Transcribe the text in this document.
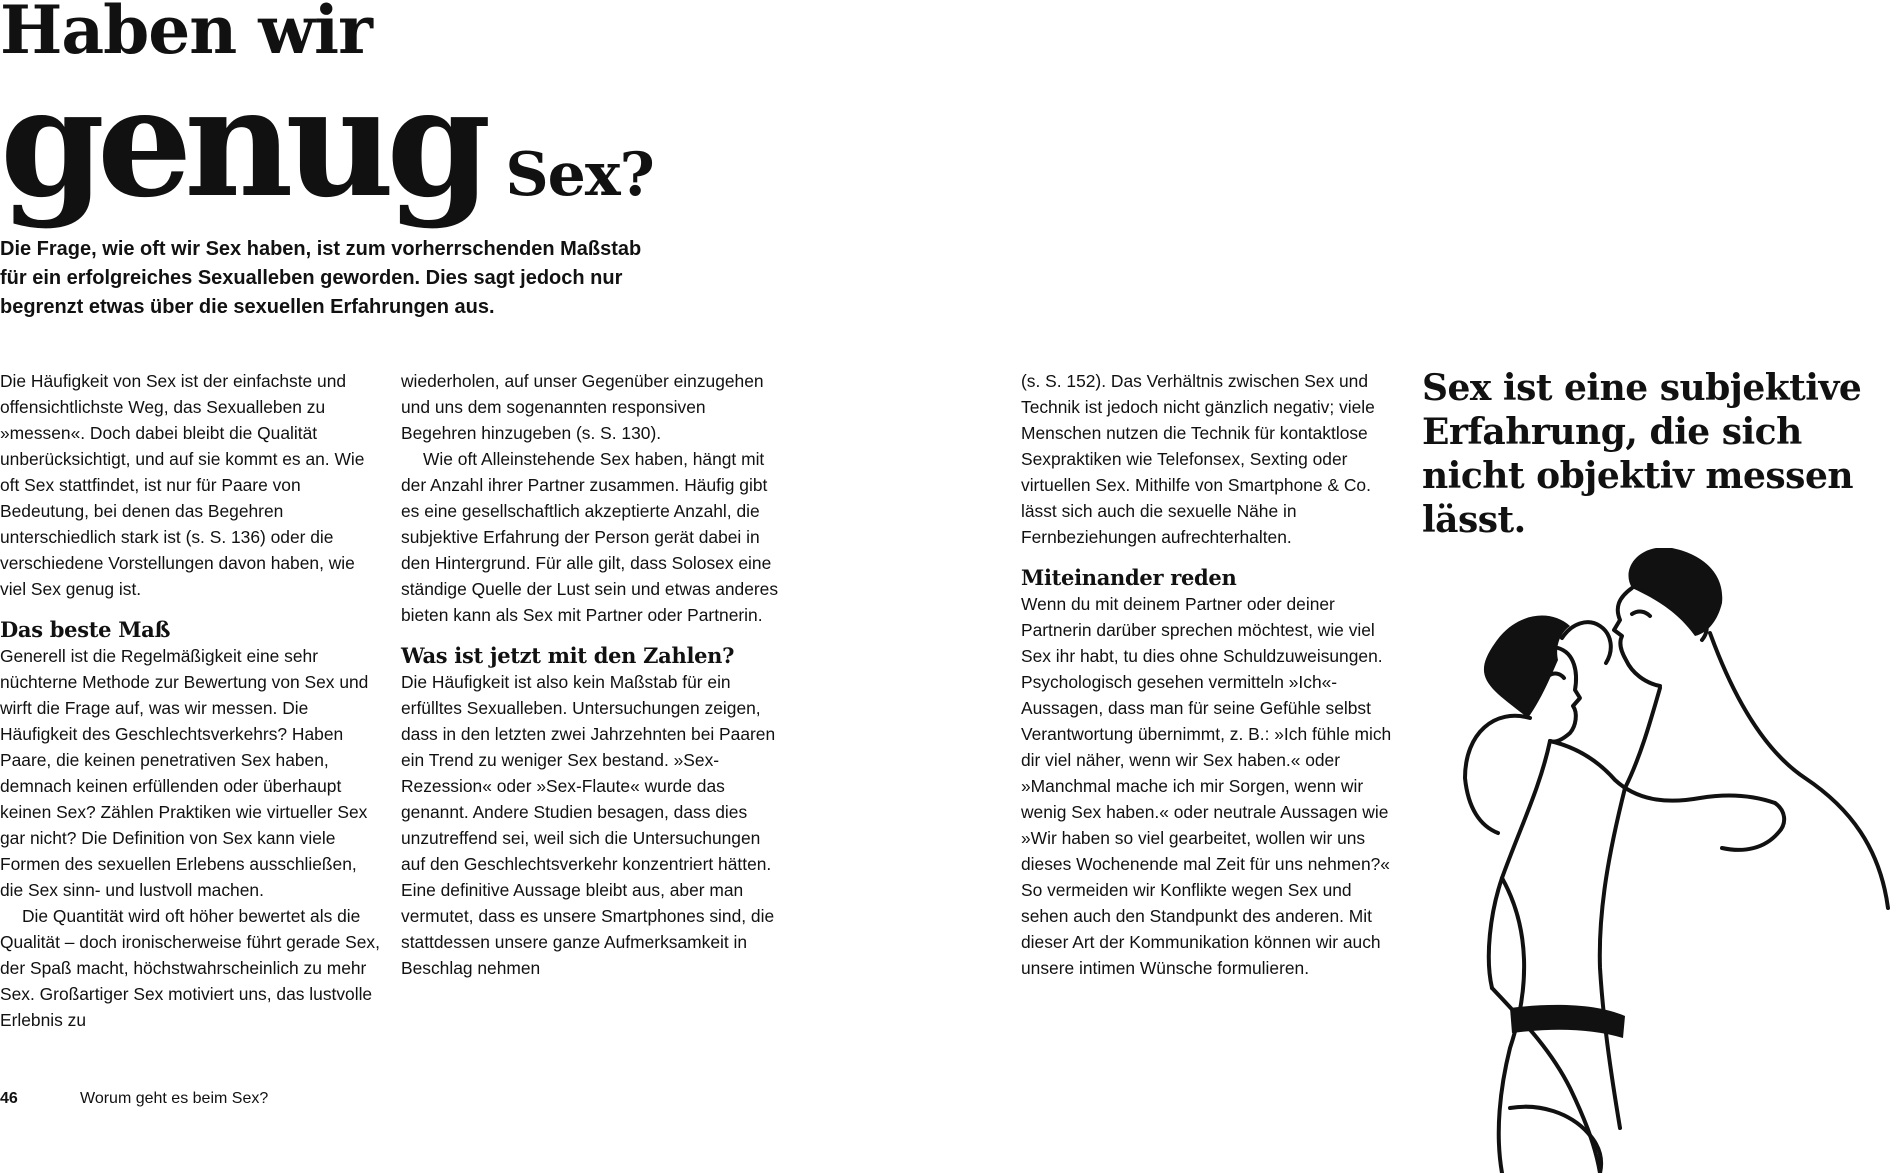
Haben wir
genug Sex?

Die Frage, wie oft wir Sex haben, ist zum vorherrschenden Maßstab für ein erfolgreiches Sexualleben geworden. Dies sagt jedoch nur begrenzt etwas über die sexuellen Erfahrungen aus.

Die Häufigkeit von Sex ist der einfachste und offensichtlichste Weg, das Sexualleben zu »messen«. Doch dabei bleibt die Qualität unberücksichtigt, und auf sie kommt es an. Wie oft Sex stattfindet, ist nur für Paare von Bedeutung, bei denen das Begehren unterschiedlich stark ist (s. S. 136) oder die verschiedene Vorstellungen davon haben, wie viel Sex genug ist.

Das beste Maß

Generell ist die Regelmäßigkeit eine sehr nüchterne Methode zur Bewertung von Sex und wirft die Frage auf, was wir messen. Die Häufigkeit des Geschlechtsverkehrs? Haben Paare, die keinen penetrativen Sex haben, demnach keinen erfüllenden oder überhaupt keinen Sex? Zählen Praktiken wie virtueller Sex gar nicht? Die Definition von Sex kann viele Formen des sexuellen Erlebens ausschließen, die Sex sinn- und lustvoll machen.

Die Quantität wird oft höher bewertet als die Qualität – doch ironischerweise führt gerade Sex, der Spaß macht, höchstwahrscheinlich zu mehr Sex. Großartiger Sex motiviert uns, das lustvolle Erlebnis zu

wiederholen, auf unser Gegenüber einzugehen und uns dem sogenannten responsiven Begehren hinzugeben (s. S. 130).

Wie oft Alleinstehende Sex haben, hängt mit der Anzahl ihrer Partner zusammen. Häufig gibt es eine gesellschaftlich akzeptierte Anzahl, die subjektive Erfahrung der Person gerät dabei in den Hintergrund. Für alle gilt, dass Solosex eine ständige Quelle der Lust sein und etwas anderes bieten kann als Sex mit Partner oder Partnerin.

Was ist jetzt mit den Zahlen?

Die Häufigkeit ist also kein Maßstab für ein erfülltes Sexualleben. Untersuchungen zeigen, dass in den letzten zwei Jahrzehnten bei Paaren ein Trend zu weniger Sex bestand. »Sex-Rezession« oder »Sex-Flaute« wurde das genannt. Andere Studien besagen, dass dies unzutreffend sei, weil sich die Untersuchungen auf den Geschlechtsverkehr konzentriert hätten. Eine definitive Aussage bleibt aus, aber man vermutet, dass es unsere Smartphones sind, die stattdessen unsere ganze Aufmerksamkeit in Beschlag nehmen

(s. S. 152). Das Verhältnis zwischen Sex und Technik ist jedoch nicht gänzlich negativ; viele Menschen nutzen die Technik für kontaktlose Sexpraktiken wie Telefonsex, Sexting oder virtuellen Sex. Mithilfe von Smartphone & Co. lässt sich auch die sexuelle Nähe in Fernbeziehungen aufrechterhalten.

Miteinander reden

Wenn du mit deinem Partner oder deiner Partnerin darüber sprechen möchtest, wie viel Sex ihr habt, tu dies ohne Schuldzuweisungen. Psychologisch gesehen vermitteln »Ich«-Aussagen, dass man für seine Gefühle selbst Verantwortung übernimmt, z. B.: »Ich fühle mich dir viel näher, wenn wir Sex haben.« oder »Manchmal mache ich mir Sorgen, wenn wir wenig Sex haben.« oder neutrale Aussagen wie »Wir haben so viel gearbeitet, wollen wir uns dieses Wochenende mal Zeit für uns nehmen?« So vermeiden wir Konflikte wegen Sex und sehen auch den Standpunkt des anderen. Mit dieser Art der Kommunikation können wir auch unsere intimen Wünsche formulieren.

Sex ist eine subjektive Erfahrung, die sich nicht objektiv messen lässt.
46	Worum geht es beim Sex?
